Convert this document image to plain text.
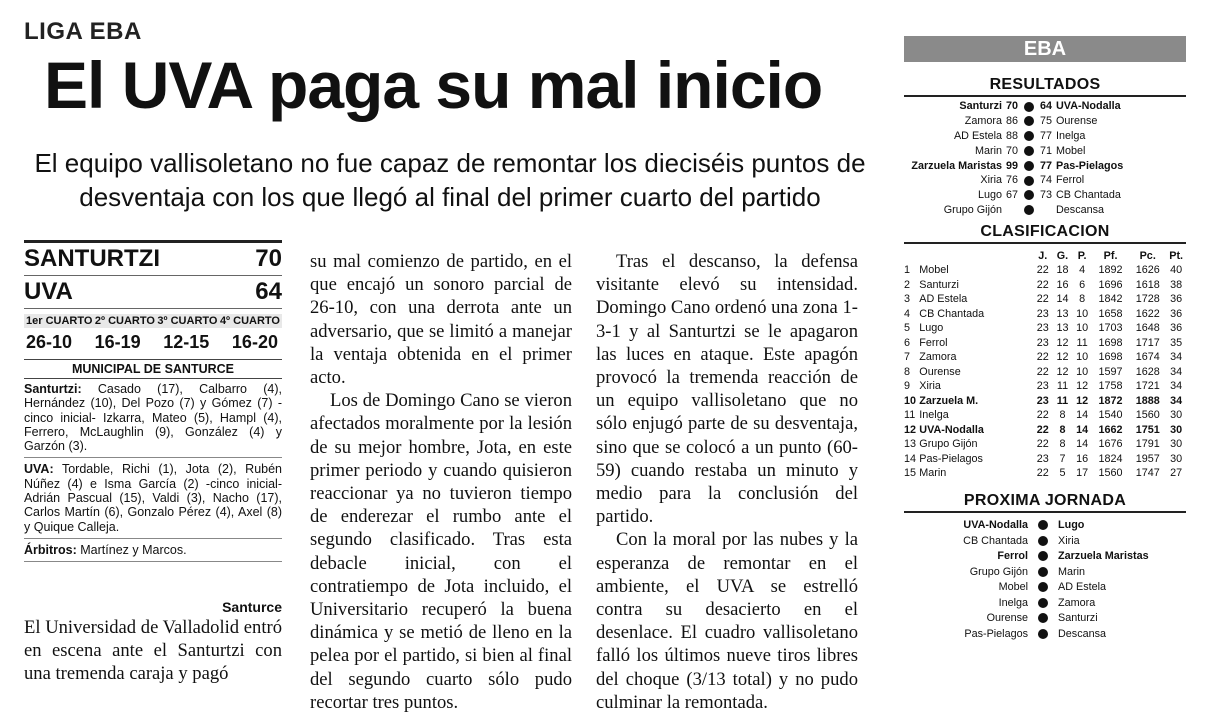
LIGA EBA
El UVA paga su mal inicio
El equipo vallisoletano no fue capaz de remontar los dieciséis puntos de desventaja con los que llegó al final del primer cuarto del partido
SANTURTZI	70
UVA	64
1er CUARTO 2º CUARTO 3º CUARTO 4º CUARTO
26-10 16-19 12-15 16-20
MUNICIPAL DE SANTURCE
Santurtzi: Casado (17), Calbarro (4), Hernández (10), Del Pozo (7) y Gómez (7) -cinco inicial- Izkarra, Mateo (5), Hampl (4), Ferrero, McLaughlin (9), González (4) y Garzón (3).
UVA: Tordable, Richi (1), Jota (2), Rubén Núñez (4) e Isma García (2) -cinco inicial- Adrián Pascual (15), Valdi (3), Nacho (17), Carlos Martín (6), Gonzalo Pérez (4), Axel (8) y Quique Calleja.
Árbitros: Martínez y Marcos.
Santurce

El Universidad de Valladolid entró en escena ante el Santurtzi con una tremenda caraja y pagó

su mal comienzo de partido, en el que encajó un sonoro parcial de 26-10, con una derrota ante un adversario, que se limitó a manejar la ventaja obtenida en el primer acto.

Los de Domingo Cano se vieron afectados moralmente por la lesión de su mejor hombre, Jota, en este primer periodo y cuando quisieron reaccionar ya no tuvieron tiempo de enderezar el rumbo ante el segundo clasificado. Tras esta debacle inicial, con el contratiempo de Jota incluido, el Universitario recuperó la buena dinámica y se metió de lleno en la pelea por el partido, si bien al final del segundo cuarto sólo pudo recortar tres puntos.

Tras el descanso, la defensa visitante elevó su intensidad. Domingo Cano ordenó una zona 1-3-1 y al Santurtzi se le apagaron las luces en ataque. Este apagón provocó la tremenda reacción de un equipo vallisoletano que no sólo enjugó parte de su desventaja, sino que se colocó a un punto (60-59) cuando restaba un minuto y medio para la conclusión del partido.

Con la moral por las nubes y la esperanza de remontar en el ambiente, el UVA se estrelló contra su desacierto en el desenlace. El cuadro vallisoletano falló los últimos nueve tiros libres del choque (3/13 total) y no pudo culminar la remontada.

EBA
RESULTADOS
Santurzi	70		64	UVA-Nodalla
Zamora	86		75	Ourense
AD Estela	88		77	Inelga
Marin	70		71	Mobel
Zarzuela Maristas	99		77	Pas-Pielagos
Xiria	76		74	Ferrol
Lugo	67		73	CB Chantada
Grupo Gijón				Descansa
CLASIFICACION
		J.	G.	P.	Pf.	Pc.	Pt.
1	Mobel	22	18	4	1892	1626	40
2	Santurzi	22	16	6	1696	1618	38
3	AD Estela	22	14	8	1842	1728	36
4	CB Chantada	23	13	10	1658	1622	36
5	Lugo	23	13	10	1703	1648	36
6	Ferrol	23	12	11	1698	1717	35
7	Zamora	22	12	10	1698	1674	34
8	Ourense	22	12	10	1597	1628	34
9	Xiria	23	11	12	1758	1721	34
10	Zarzuela M.	23	11	12	1872	1888	34
11	Inelga	22	8	14	1540	1560	30
12	UVA-Nodalla	22	8	14	1662	1751	30
13	Grupo Gijón	22	8	14	1676	1791	30
14	Pas-Pielagos	23	7	16	1824	1957	30
15	Marin	22	5	17	1560	1747	27
PROXIMA JORNADA
UVA-Nodalla		Lugo
CB Chantada		Xiria
Ferrol		Zarzuela Maristas
Grupo Gijón		Marin
Mobel		AD Estela
Inelga		Zamora
Ourense		Santurzi
Pas-Pielagos		Descansa
